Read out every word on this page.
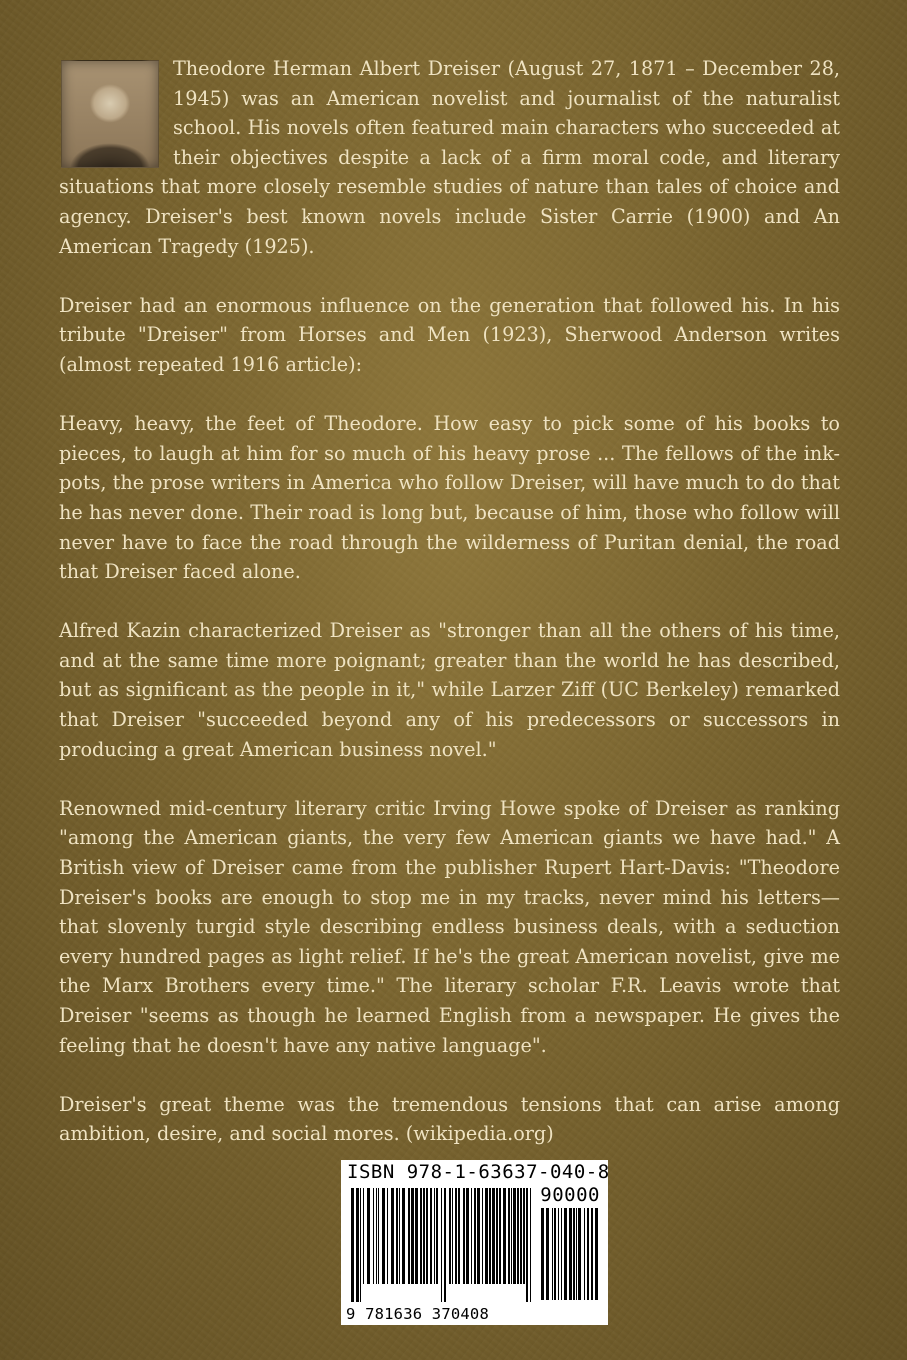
Theodore Herman Albert Dreiser (August 27, 1871 – December 28, 1945) was an American novelist and journalist of the naturalist school. His novels often featured main characters who succeeded at their objectives despite a lack of a firm moral code, and literary situations that more closely resemble studies of nature than tales of choice and agency. Dreiser's best known novels include Sister Carrie (1900) and An American Tragedy (1925).

Dreiser had an enormous influence on the generation that followed his. In his tribute "Dreiser" from Horses and Men (1923), Sherwood Anderson writes (almost repeated 1916 article):

Heavy, heavy, the feet of Theodore. How easy to pick some of his books to pieces, to laugh at him for so much of his heavy prose ... The fellows of the ink-pots, the prose writers in America who follow Dreiser, will have much to do that he has never done. Their road is long but, because of him, those who follow will never have to face the road through the wilderness of Puritan denial, the road that Dreiser faced alone.

Alfred Kazin characterized Dreiser as "stronger than all the others of his time, and at the same time more poignant; greater than the world he has described, but as significant as the people in it," while Larzer Ziff (UC Berkeley) remarked that Dreiser "succeeded beyond any of his predecessors or successors in producing a great American business novel."

Renowned mid-century literary critic Irving Howe spoke of Dreiser as ranking "among the American giants, the very few American giants we have had." A British view of Dreiser came from the publisher Rupert Hart-Davis: "Theodore Dreiser's books are enough to stop me in my tracks, never mind his letters—that slovenly turgid style describing endless business deals, with a seduction every hundred pages as light relief. If he's the great American novelist, give me the Marx Brothers every time." The literary scholar F.R. Leavis wrote that Dreiser "seems as though he learned English from a newspaper. He gives the feeling that he doesn't have any native language".

Dreiser's great theme was the tremendous tensions that can arise among ambition, desire, and social mores. (wikipedia.org)

ISBN 978-1-63637-040-8
90000
9 781636 370408
